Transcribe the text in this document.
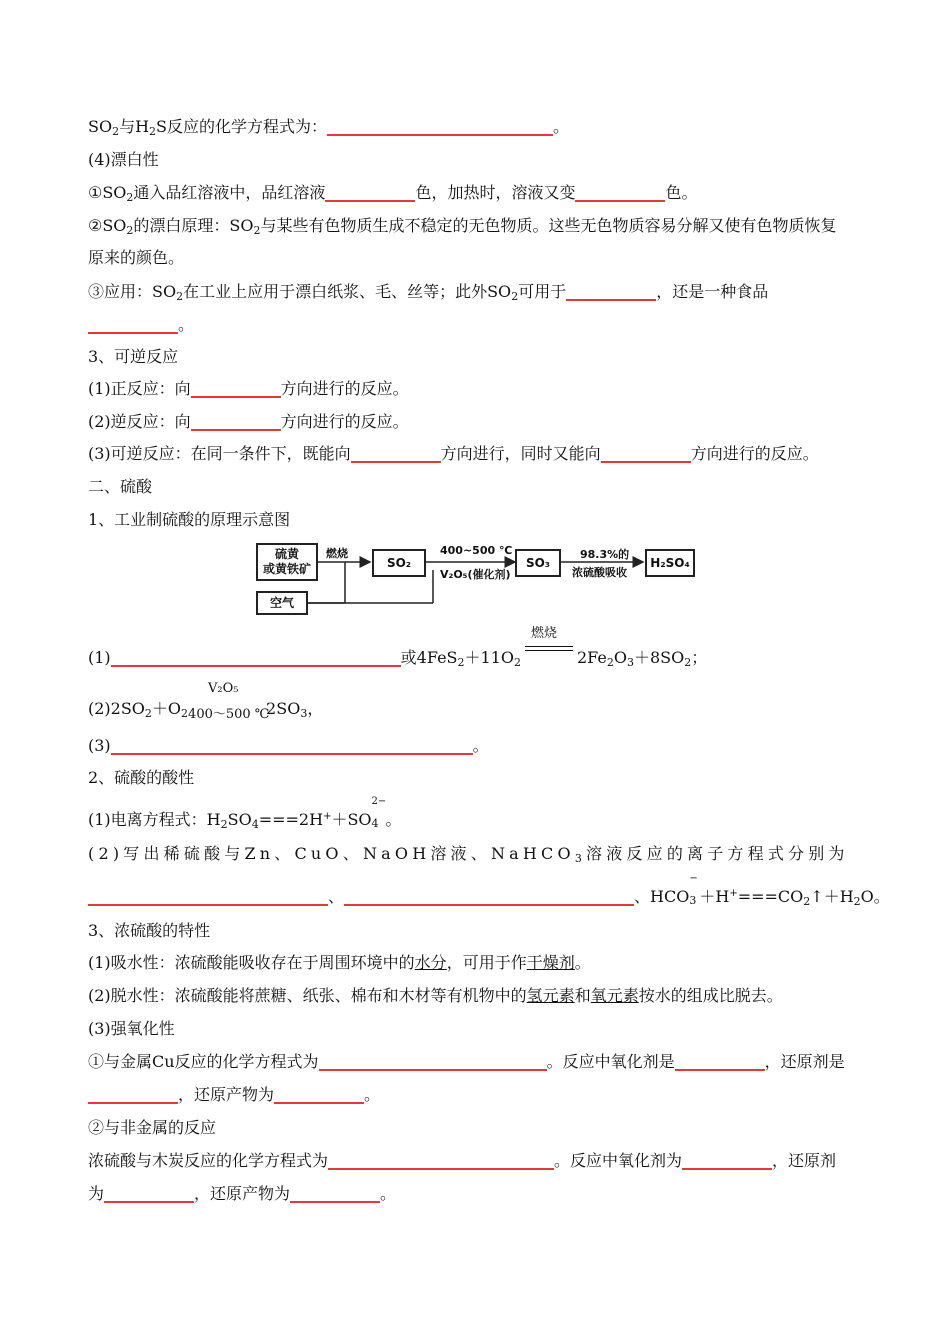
$SO_2$与$H_2S$反应的化学方程式为：	。
(4)漂白性
$①SO_2$通入品红溶液中，品红溶液	色，加热时，溶液又变	色。
$②SO_2$的漂白原理：$SO_2$与某些有色物质生成不稳定的无色物质。这些无色物质容易分解又使有色物质恢复
原来的颜色。
③应用：$SO_2$在工业上应用于漂白纸浆、毛、丝等；此外$SO_2$可用于	，还是一种食品
。
3、可逆反应
(1)正反应：向	方向进行的反应。
(2)逆反应：向	方向进行的反应。
(3)可逆反应：在同一条件下，既能向	方向进行，同时又能向	方向进行的反应。
二、硫酸
1、工业制硫酸的原理示意图
硫黄
或黄铁矿
空气
SO₂	SO₃	H₂SO₄
燃烧	400~500 ℃
V₂O₅(催化剂)
98.3%的
浓硫酸吸收
(1)	或$4FeS_2+11O_2$
燃烧
$2Fe_2O_3+8SO_2$；
$(2)2SO_2+O_2$
V₂O₅
400～500 ℃
$2SO_3$，
(3)	。
2、硫酸的酸性
(1)电离方程式：$H_2SO_4===2H^++SO$
2−
4 。
(2)写出稀硫酸与Zn、CuO、NaOH溶液、NaHCO$_3$溶液反应的离子方程式分别为
、	、HCO
−
$3 +H^+===CO_2↑+H_2O$。
3、浓硫酸的特性
(1)吸水性：浓硫酸能吸收存在于周围环境中的水分，可用于作干燥剂。
(2)脱水性：浓硫酸能将蔗糖、纸张、棉布和木材等有机物中的氢元素和氧元素按水的组成比脱去。
(3)强氧化性
①与金属Cu反应的化学方程式为	。反应中氧化剂是	，还原剂是
，还原产物为	。
②与非金属的反应
浓硫酸与木炭反应的化学方程式为	。反应中氧化剂为	，还原剂
为	，还原产物为	。
